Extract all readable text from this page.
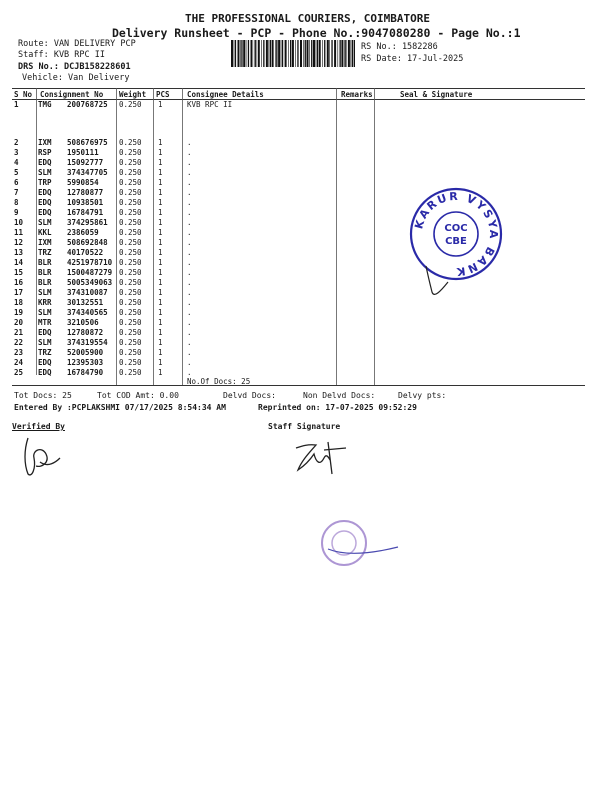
THE PROFESSIONAL COURIERS, COIMBATORE
Delivery Runsheet - PCP - Phone No.:9047080280 - Page No.:1
Route: VAN DELIVERY PCP
Staff: KVB RPC II
DRS No.: DCJB158228601
Vehicle: Van Delivery
RS No.: 1582286
RS Date: 17-Jul-2025
S No Consignment No Weight PCS Consignee Details	Remarks	Seal & Signature
1	TMG 200768725 0.250 1	KVB RPC II
2	IXM 508676975 0.250 1	.
3	RSP 1950111	0.250 1	.
4	EDQ 15092777 0.250 1	.
5	SLM 374347705 0.250 1	.
6	TRP 5990854	0.250 1	.
7	EDQ 12780877 0.250 1	.
8	EDQ 10938501 0.250 1	.
9	EDQ 16784791 0.250 1	.
10 SLM 374295861 0.250 1	.
11 KKL 2386059	0.250 1	.
12 IXM 508692848 0.250 1	.
13 TRZ 40170522 0.250 1	.
14 BLR 4251978710 0.250 1	.
15 BLR 1500487279 0.250 1	.
16 BLR 5005349063 0.250 1	.
17 SLM 374310087 0.250 1	.
18 KRR 30132551 0.250 1	.
19 SLM 374340565 0.250 1	.
20 MTR 3210506	0.250 1	.
21 EDQ 12780872 0.250 1	.
22 SLM 374319554 0.250 1	.
23 TRZ 52005900 0.250 1	.
24 EDQ 12395303 0.250 1	.
25 EDQ 16784790 0.250 1	.
No.Of Docs: 25
Tot Docs: 25	Tot COD Amt: 0.00	Delvd Docs:	Non Delvd Docs:	Delvy pts:
Entered By :PCPLAKSHMI 07/17/2025 8:54:34 AM	Reprinted on: 17-07-2025 09:52:29
Verified By	Staff Signature
KARUR VYSYA BANK
COC
CBE
